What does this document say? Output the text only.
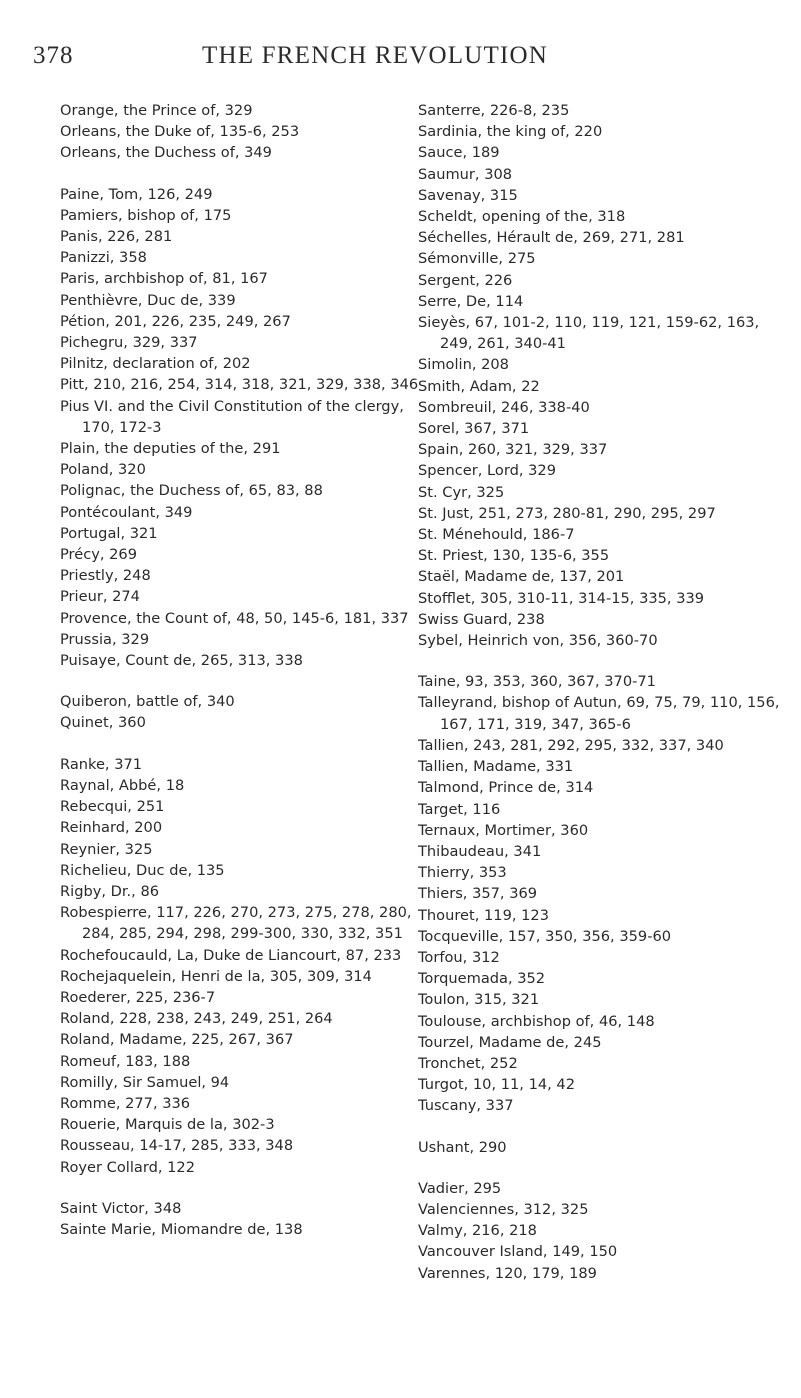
378	THE FRENCH REVOLUTION
Orange, the Prince of, 329
Orleans, the Duke of, 135-6, 253
Orleans, the Duchess of, 349
Paine, Tom, 126, 249
Pamiers, bishop of, 175
Panis, 226, 281
Panizzi, 358
Paris, archbishop of, 81, 167
Penthièvre, Duc de, 339
Pétion, 201, 226, 235, 249, 267
Pichegru, 329, 337
Pilnitz, declaration of, 202
Pitt, 210, 216, 254, 314, 318, 321, 329, 338, 346
Pius VI. and the Civil Constitution of the clergy, 170, 172-3
Plain, the deputies of the, 291
Poland, 320
Polignac, the Duchess of, 65, 83, 88
Pontécoulant, 349
Portugal, 321
Précy, 269
Priestly, 248
Prieur, 274
Provence, the Count of, 48, 50, 145-6, 181, 337
Prussia, 329
Puisaye, Count de, 265, 313, 338
Quiberon, battle of, 340
Quinet, 360
Ranke, 371
Raynal, Abbé, 18
Rebecqui, 251
Reinhard, 200
Reynier, 325
Richelieu, Duc de, 135
Rigby, Dr., 86
Robespierre, 117, 226, 270, 273, 275, 278, 280, 284, 285, 294, 298, 299-300, 330, 332, 351
Rochefoucauld, La, Duke de Liancourt, 87, 233
Rochejaquelein, Henri de la, 305, 309, 314
Roederer, 225, 236-7
Roland, 228, 238, 243, 249, 251, 264
Roland, Madame, 225, 267, 367
Romeuf, 183, 188
Romilly, Sir Samuel, 94
Romme, 277, 336
Rouerie, Marquis de la, 302-3
Rousseau, 14-17, 285, 333, 348
Royer Collard, 122
Saint Victor, 348
Sainte Marie, Miomandre de, 138
Santerre, 226-8, 235
Sardinia, the king of, 220
Sauce, 189
Saumur, 308
Savenay, 315
Scheldt, opening of the, 318
Séchelles, Hérault de, 269, 271, 281
Sémonville, 275
Sergent, 226
Serre, De, 114
Sieyès, 67, 101-2, 110, 119, 121, 159-62, 163, 249, 261, 340-41
Simolin, 208
Smith, Adam, 22
Sombreuil, 246, 338-40
Sorel, 367, 371
Spain, 260, 321, 329, 337
Spencer, Lord, 329
St. Cyr, 325
St. Just, 251, 273, 280-81, 290, 295, 297
St. Ménehould, 186-7
St. Priest, 130, 135-6, 355
Staël, Madame de, 137, 201
Stofflet, 305, 310-11, 314-15, 335, 339
Swiss Guard, 238
Sybel, Heinrich von, 356, 360-70
Taine, 93, 353, 360, 367, 370-71
Talleyrand, bishop of Autun, 69, 75, 79, 110, 156, 167, 171, 319, 347, 365-6
Tallien, 243, 281, 292, 295, 332, 337, 340
Tallien, Madame, 331
Talmond, Prince de, 314
Target, 116
Ternaux, Mortimer, 360
Thibaudeau, 341
Thierry, 353
Thiers, 357, 369
Thouret, 119, 123
Tocqueville, 157, 350, 356, 359-60
Torfou, 312
Torquemada, 352
Toulon, 315, 321
Toulouse, archbishop of, 46, 148
Tourzel, Madame de, 245
Tronchet, 252
Turgot, 10, 11, 14, 42
Tuscany, 337
Ushant, 290
Vadier, 295
Valenciennes, 312, 325
Valmy, 216, 218
Vancouver Island, 149, 150
Varennes, 120, 179, 189
